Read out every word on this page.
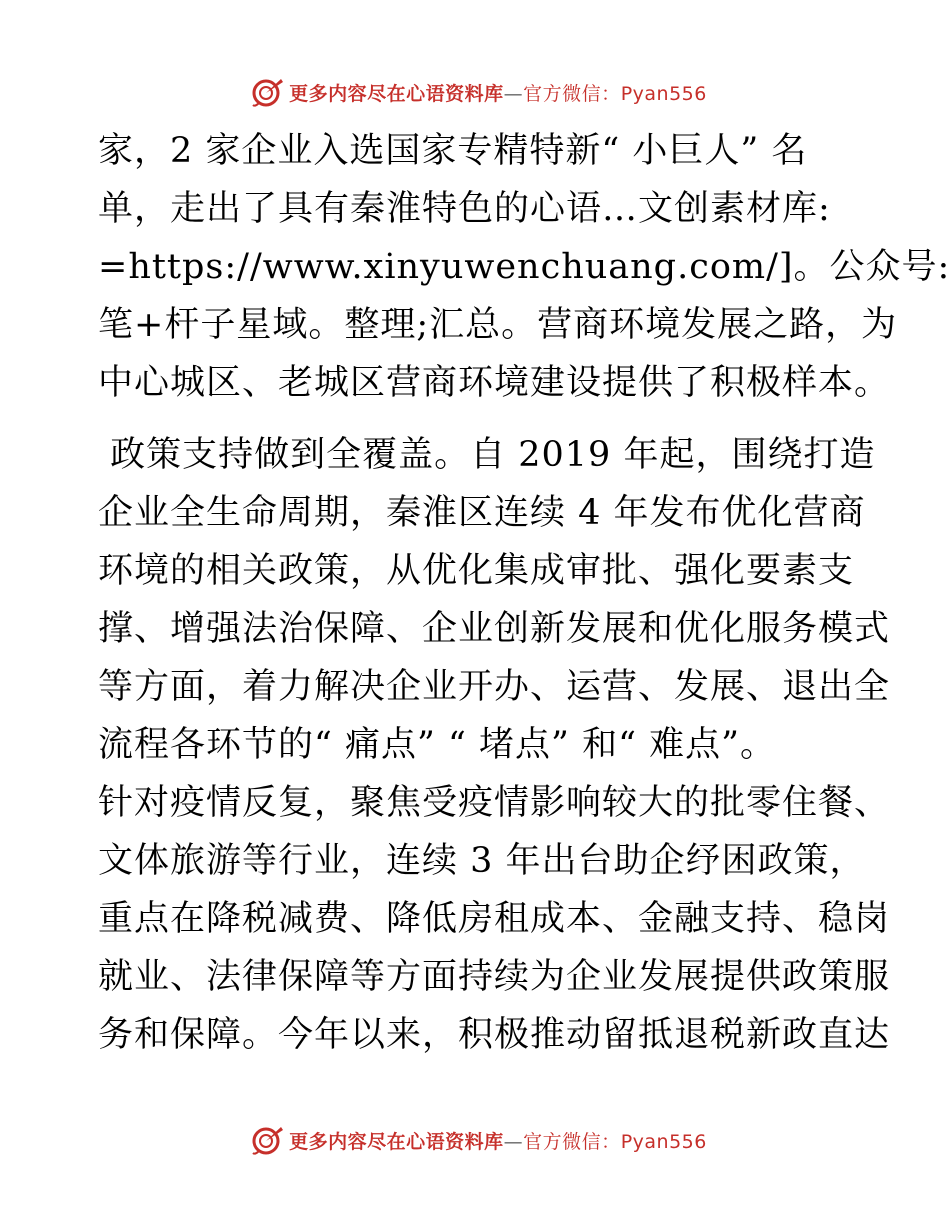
更多内容尽在心语资料库—官方微信：Pyan556
家，2 家企业入选国家专精特新“ 小巨人” 名
单，走出了具有秦淮特色的心语…文创素材库:
=https://www.xinyuwenchuang.com/]。公众号:
笔+杆子星域。整理;汇总。营商环境发展之路，为
中心城区、老城区营商环境建设提供了积极样本。
政策支持做到全覆盖。自 2019 年起，围绕打造
企业全生命周期，秦淮区连续 4 年发布优化营商
环境的相关政策，从优化集成审批、强化要素支
撑、增强法治保障、企业创新发展和优化服务模式
等方面，着力解决企业开办、运营、发展、退出全
流程各环节的“ 痛点” “ 堵点” 和“ 难点”。
针对疫情反复，聚焦受疫情影响较大的批零住餐、
文体旅游等行业，连续 3 年出台助企纾困政策，
重点在降税减费、降低房租成本、金融支持、稳岗
就业、法律保障等方面持续为企业发展提供政策服
务和保障。今年以来，积极推动留抵退税新政直达
更多内容尽在心语资料库—官方微信：Pyan556
